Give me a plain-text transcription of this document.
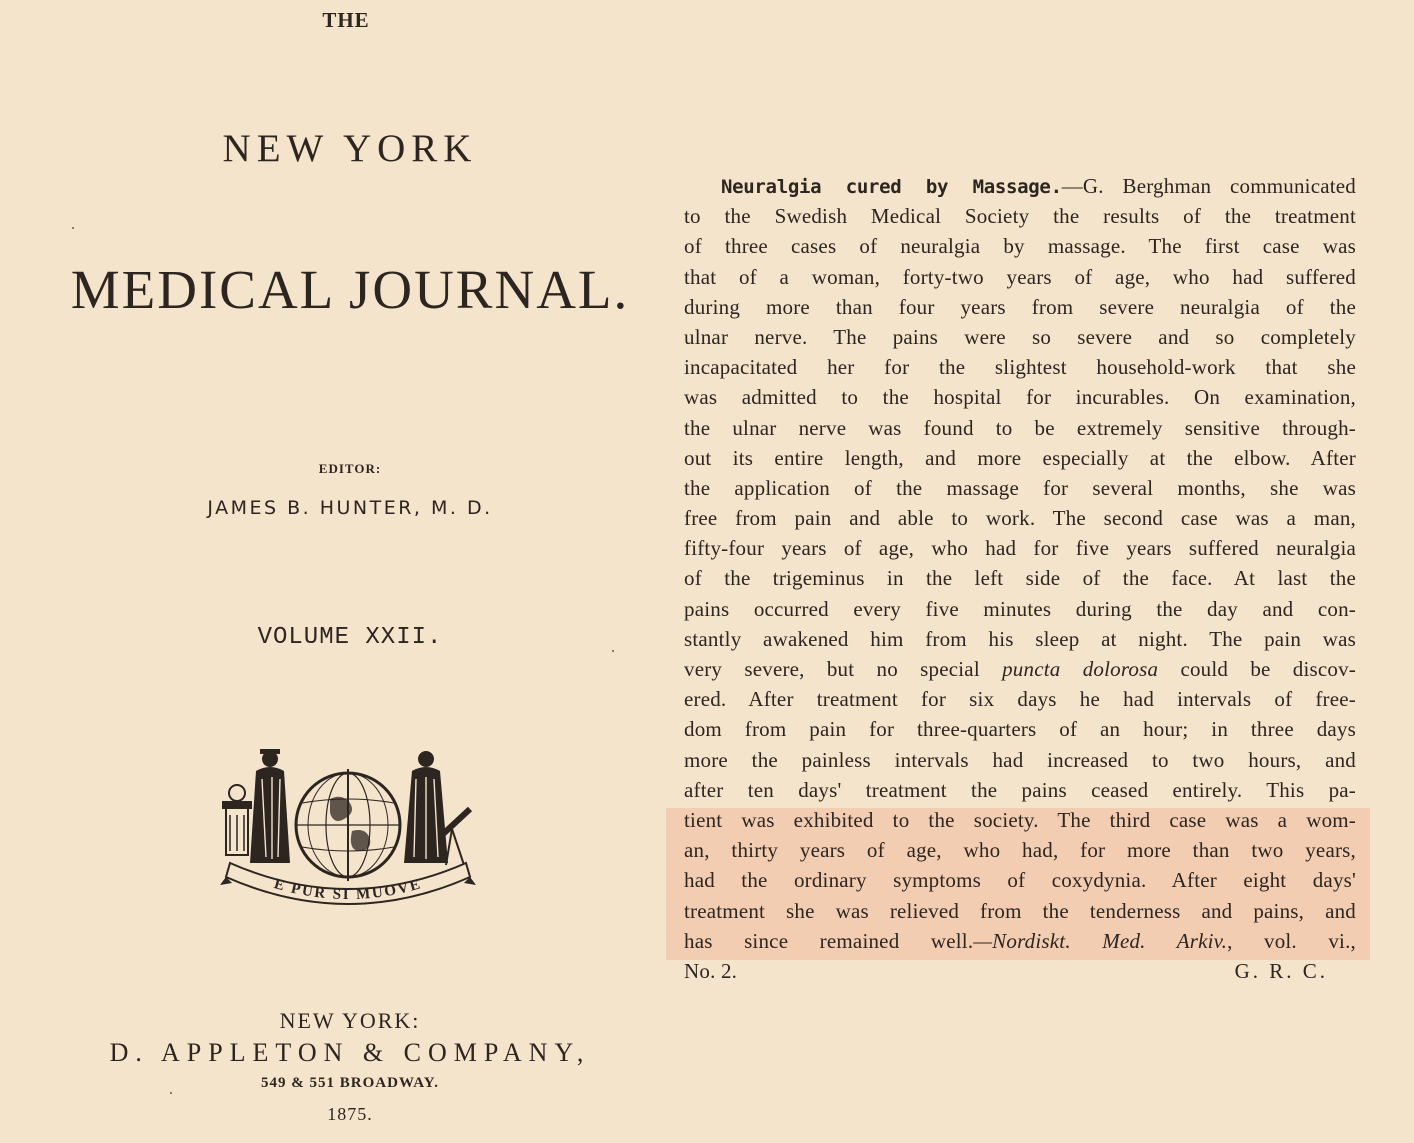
THE
NEW YORK
MEDICAL JOURNAL.
EDITOR:
JAMES B. HUNTER, M. D.
VOLUME XXII.
E PUR SI MUOVE
NEW YORK:
D. APPLETON & COMPANY,
549 & 551 BROADWAY.
1875.
Neuralgia cured by Massage.—G. Berghman communicated
to the Swedish Medical Society the results of the treatment
of three cases of neuralgia by massage. The first case was
that of a woman, forty-two years of age, who had suffered
during more than four years from severe neuralgia of the
ulnar nerve. The pains were so severe and so completely
incapacitated her for the slightest household-work that she
was admitted to the hospital for incurables. On examination,
the ulnar nerve was found to be extremely sensitive through-
out its entire length, and more especially at the elbow. After
the application of the massage for several months, she was
free from pain and able to work. The second case was a man,
fifty-four years of age, who had for five years suffered neuralgia
of the trigeminus in the left side of the face. At last the
pains occurred every five minutes during the day and con-
stantly awakened him from his sleep at night. The pain was
very severe, but no special puncta dolorosa could be discov-
ered. After treatment for six days he had intervals of free-
dom from pain for three-quarters of an hour; in three days
more the painless intervals had increased to two hours, and
after ten days' treatment the pains ceased entirely. This pa-
tient was exhibited to the society. The third case was a wom-
an, thirty years of age, who had, for more than two years,
had the ordinary symptoms of coxydynia. After eight days'
treatment she was relieved from the tenderness and pains, and
has since remained well.—Nordiskt. Med. Arkiv., vol. vi.,
No. 2.	G. R. C.
